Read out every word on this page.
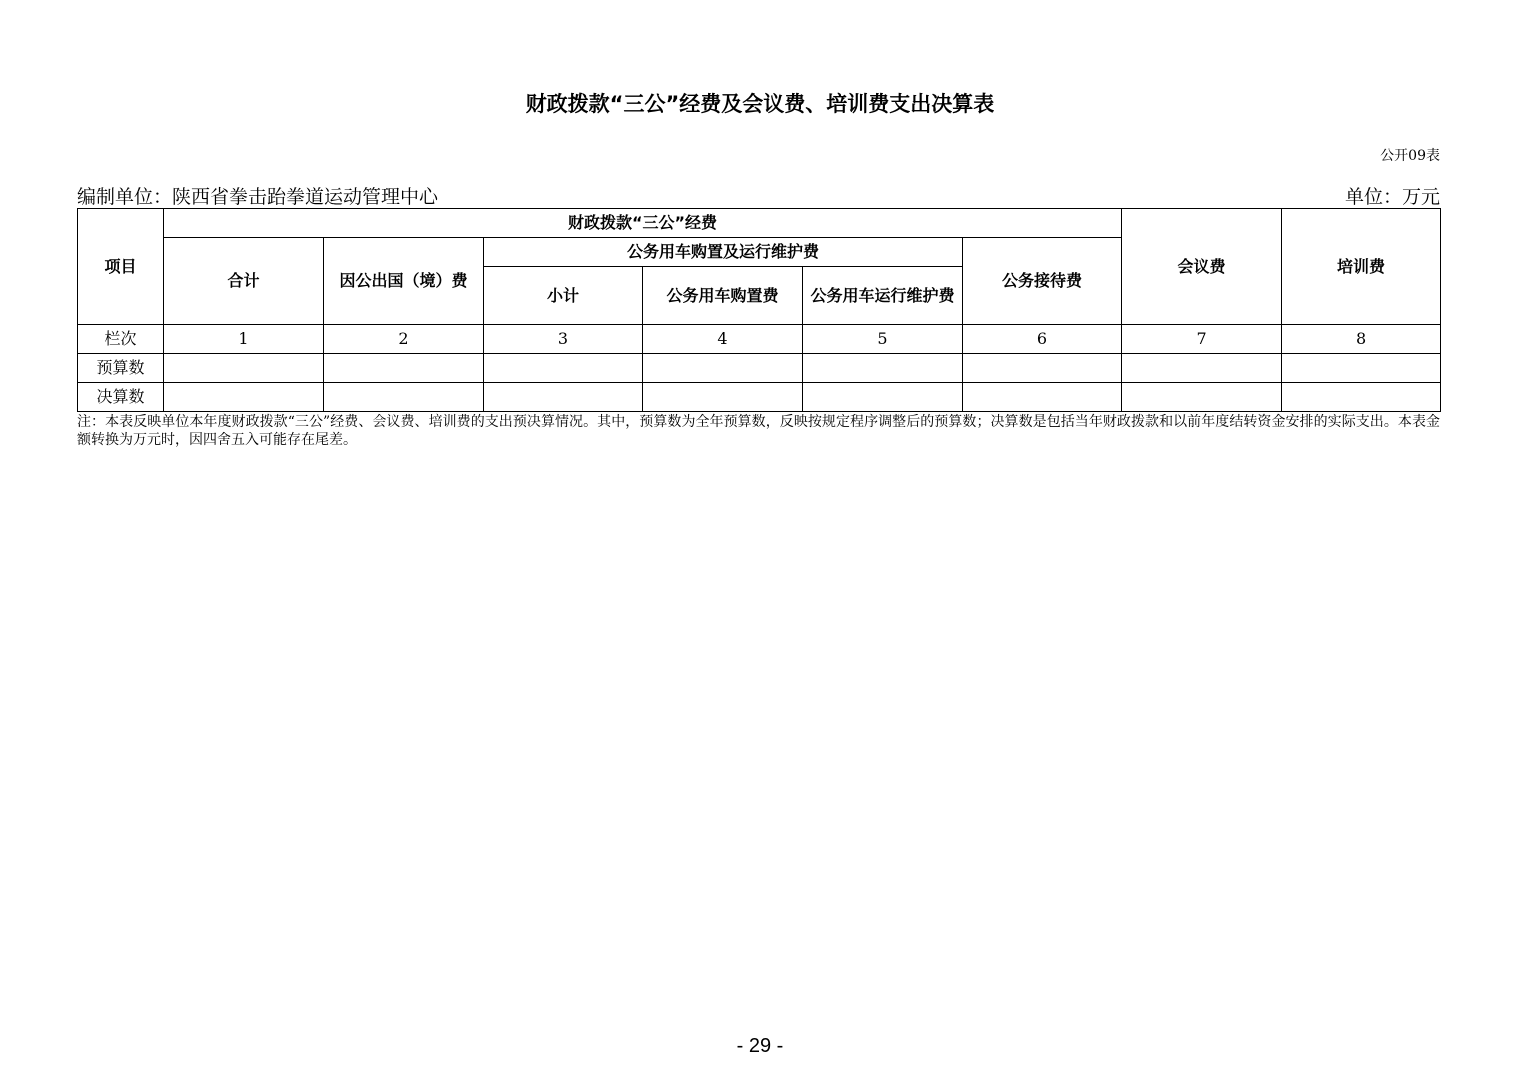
财政拨款“三公”经费及会议费、培训费支出决算表
公开09表
编制单位：陕西省拳击跆拳道运动管理中心	单位：万元
项目	财政拨款“三公”经费						会议费	培训费
	合计	因公出国（境）费	公务用车购置及运行维护费			公务接待费		
			小计	公务用车购置费	公务用车运行维护费			
栏次	1	2	3	4	5	6	7	8
预算数								
决算数								
注：本表反映单位本年度财政拨款“三公”经费、会议费、培训费的支出预决算情况。其中，预算数为全年预算数，反映按规定程序调整后的预算数；决算数是包括当年财政拨款和以前年度结转资金安排的实际支出。本表金额转换为万元时，因四舍五入可能存在尾差。
- 29 -
